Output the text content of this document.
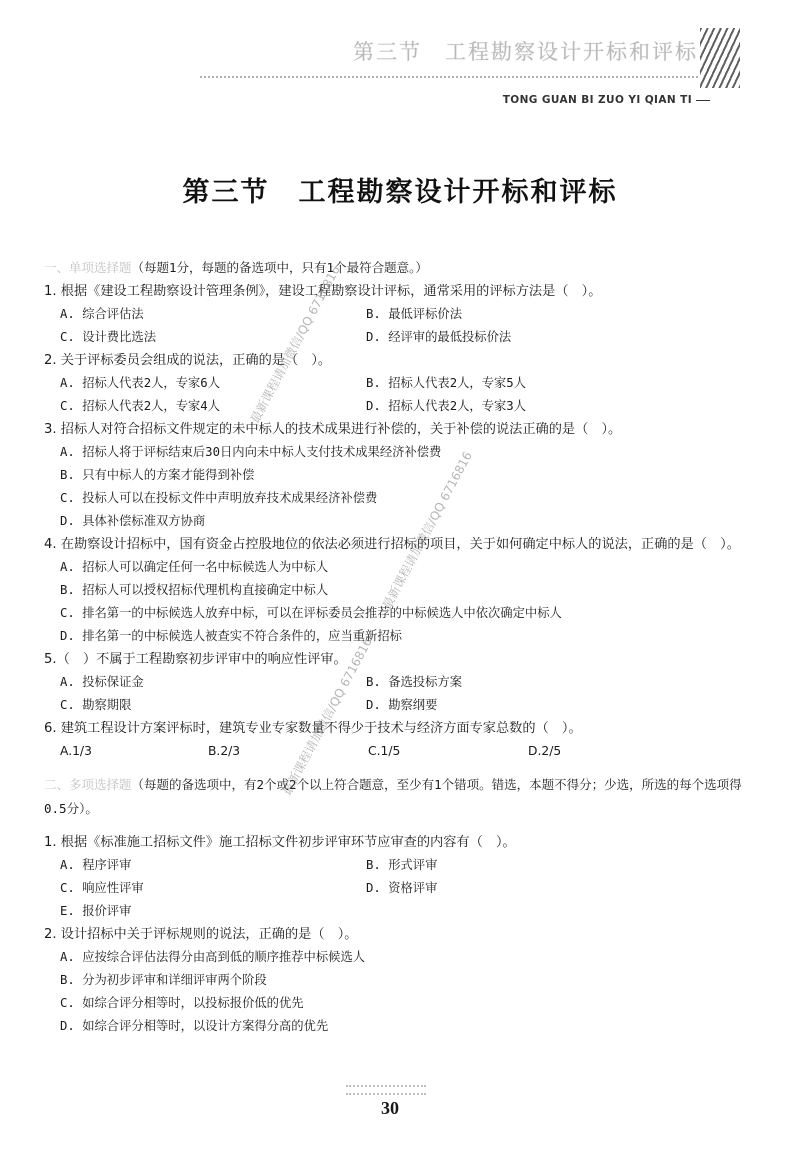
第三节　工程勘察设计开标和评标
TONG GUAN BI ZUO YI QIAN TI
第三节　工程勘察设计开标和评标

一、单项选择题（每题1分，每题的备选项中，只有1个最符合题意。）

1. 根据《建设工程勘察设计管理条例》，建设工程勘察设计评标，通常采用的评标方法是（　）。

A. 综合评估法	B. 最低评标价法
C. 设计费比选法	D. 经评审的最低投标价法

2. 关于评标委员会组成的说法，正确的是（　）。

A. 招标人代表2人，专家6人	B. 招标人代表2人，专家5人
C. 招标人代表2人，专家4人	D. 招标人代表2人，专家3人

3. 招标人对符合招标文件规定的未中标人的技术成果进行补偿的，关于补偿的说法正确的是（　）。

A. 招标人将于评标结束后30日内向未中标人支付技术成果经济补偿费
B. 只有中标人的方案才能得到补偿
C. 投标人可以在投标文件中声明放弃技术成果经济补偿费
D. 具体补偿标准双方协商

4. 在勘察设计招标中，国有资金占控股地位的依法必须进行招标的项目，关于如何确定中标人的说法，正确的是（　）。

A. 招标人可以确定任何一名中标候选人为中标人
B. 招标人可以授权招标代理机构直接确定中标人
C. 排名第一的中标候选人放弃中标，可以在评标委员会推荐的中标候选人中依次确定中标人
D. 排名第一的中标候选人被查实不符合条件的，应当重新招标

5.（　）不属于工程勘察初步评审中的响应性评审。

A. 投标保证金	B. 备选投标方案
C. 勘察期限	D. 勘察纲要

6. 建筑工程设计方案评标时，建筑专业专家数量不得少于技术与经济方面专家总数的（　）。

A.1/3	B.2/3	C.1/5	D.2/5

二、多项选择题（每题的备选项中，有2个或2个以上符合题意，至少有1个错项。错选，本题不得分；少选，所选的每个选项得0.5分）。

1. 根据《标准施工招标文件》施工招标文件初步评审环节应审查的内容有（　）。

A. 程序评审	B. 形式评审
C. 响应性评审	D. 资格评审
E. 报价评审

2. 设计招标中关于评标规则的说法，正确的是（　）。

A. 应按综合评估法得分由高到低的顺序推荐中标候选人
B. 分为初步评审和详细评审两个阶段
C. 如综合评分相等时，以投标报价低的优先
D. 如综合评分相等时，以设计方案得分高的优先
最新课程请加微信/QQ 6716816
最新课程请加微信/QQ 6716816
最新课程请加微信/QQ 6716816
30
